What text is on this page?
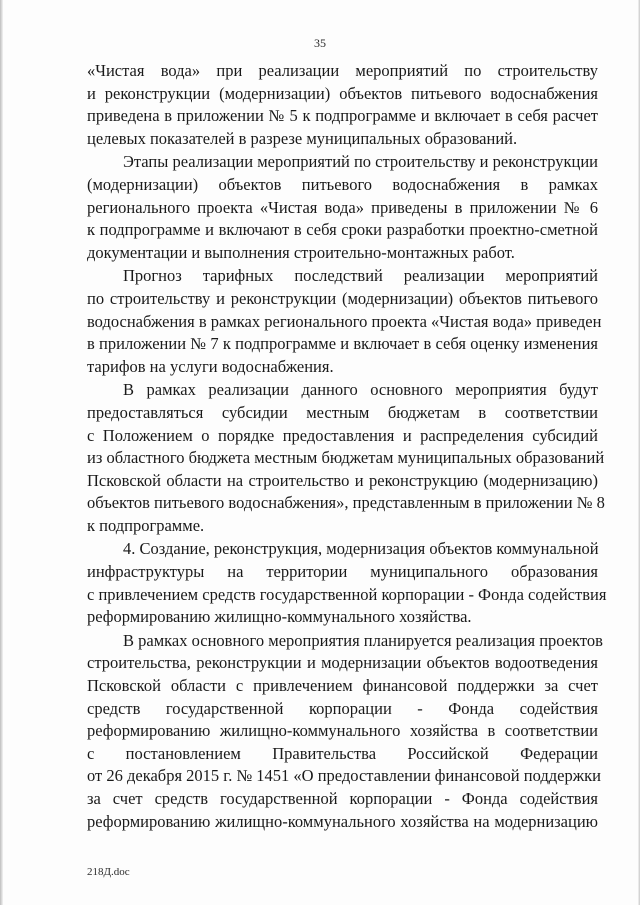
35

«Чистая вода» при реализации мероприятий по строительству
и реконструкции (модернизации) объектов питьевого водоснабжения
приведена в приложении № 5 к подпрограмме и включает в себя расчет
целевых показателей в разрезе муниципальных образований.

Этапы реализации мероприятий по строительству и реконструкции
(модернизации) объектов питьевого водоснабжения в рамках
регионального проекта «Чистая вода» приведены в приложении № 6
к подпрограмме и включают в себя сроки разработки проектно-сметной
документации и выполнения строительно-монтажных работ.

Прогноз тарифных последствий реализации мероприятий
по строительству и реконструкции (модернизации) объектов питьевого
водоснабжения в рамках регионального проекта «Чистая вода» приведен
в приложении № 7 к подпрограмме и включает в себя оценку изменения
тарифов на услуги водоснабжения.

В рамках реализации данного основного мероприятия будут
предоставляться субсидии местным бюджетам в соответствии
с Положением о порядке предоставления и распределения субсидий
из областного бюджета местным бюджетам муниципальных образований
Псковской области на строительство и реконструкцию (модернизацию)
объектов питьевого водоснабжения», представленным в приложении № 8
к подпрограмме.

4. Создание, реконструкция, модернизация объектов коммунальной
инфраструктуры на территории муниципального образования
с привлечением средств государственной корпорации - Фонда содействия
реформированию жилищно-коммунального хозяйства.

В рамках основного мероприятия планируется реализация проектов
строительства, реконструкции и модернизации объектов водоотведения
Псковской области с привлечением финансовой поддержки за счет
средств государственной корпорации - Фонда содействия
реформированию жилищно-коммунального хозяйства в соответствии
с постановлением Правительства Российской Федерации
от 26 декабря 2015 г. № 1451 «О предоставлении финансовой поддержки
за счет средств государственной корпорации - Фонда содействия
реформированию жилищно-коммунального хозяйства на модернизацию

218Д.doc
